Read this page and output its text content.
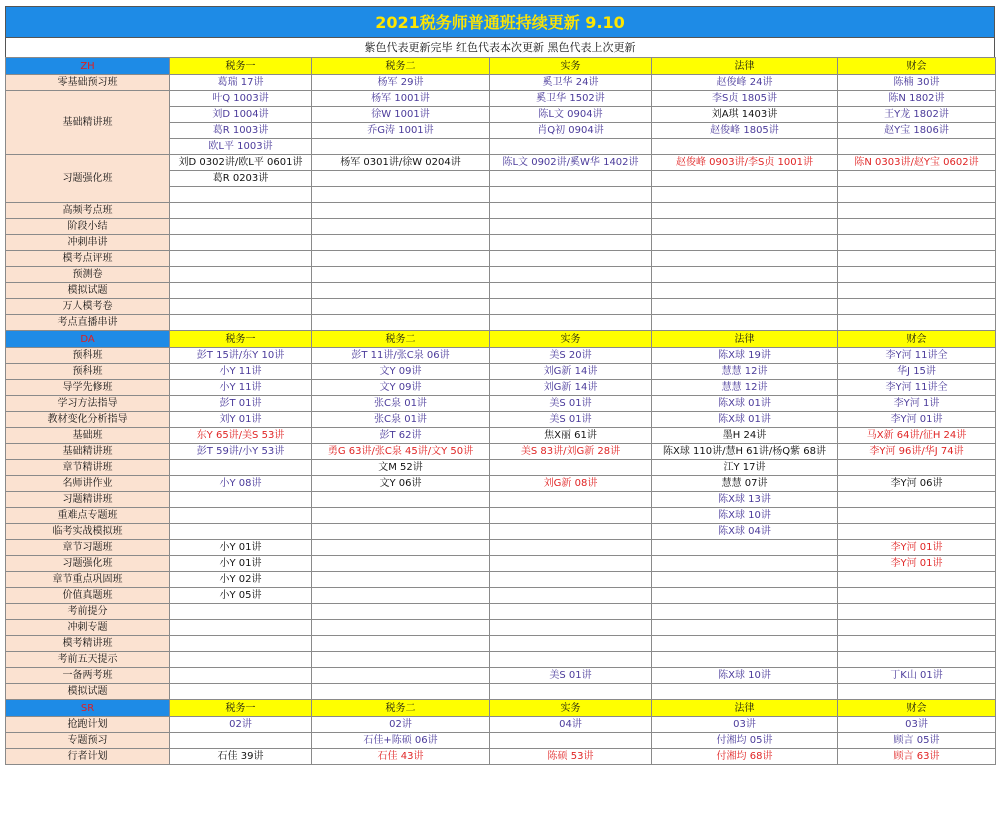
2021税务师普通班持续更新 9.10
紫色代表更新完毕 红色代表本次更新 黑色代表上次更新
ZH	税务一	税务二	实务	法律	财会
零基础预习班	葛瑞 17讲	杨军 29讲	奚卫华 24讲	赵俊峰 24讲	陈楠 30讲
基础精讲班	叶Q 1003讲	杨军 1001讲	奚卫华 1502讲	李S贞 1805讲	陈N 1802讲
	刘D 1004讲	徐W 1001讲	陈L文 0904讲	刘A琪 1403讲	王Y龙 1802讲
	葛R 1003讲	乔G涛 1001讲	肖Q初 0904讲	赵俊峰 1805讲	赵Y宝 1806讲
	欧L平 1003讲				
习题强化班	刘D 0302讲/欧L平 0601讲	杨军 0301讲/徐W 0204讲	陈L文 0902讲/奚W华 1402讲	赵俊峰 0903讲/李S贞 1001讲	陈N 0303讲/赵Y宝 0602讲
	葛R 0203讲				

高频考点班					
阶段小结					
冲刺串讲					
模考点评班					
预测卷					
模拟试题					
万人模考卷					
考点直播串讲					
DA	税务一	税务二	实务	法律	财会
预科班	彭T 15讲/东Y 10讲	彭T 11讲/张C泉 06讲	美S 20讲	陈X球 19讲	李Y河 11讲全
预科班	小Y 11讲	文Y 09讲	刘G新 14讲	慧慧 12讲	华J 15讲
导学先修班	小Y 11讲	文Y 09讲	刘G新 14讲	慧慧 12讲	李Y河 11讲全
学习方法指导	彭T 01讲	张C泉 01讲	美S 01讲	陈X球 01讲	李Y河 1讲
教材变化分析指导	刘Y 01讲	张C泉 01讲	美S 01讲	陈X球 01讲	李Y河 01讲
基础班	东Y 65讲/美S 53讲	彭T 62讲	焦X丽 61讲	墨H 24讲	马X新 64讲/征H 24讲
基础精讲班	彭T 59讲/小Y 53讲	勇G 63讲/张C泉 45讲/文Y 50讲	美S 83讲/刘G新 28讲	陈X球 110讲/慧H 61讲/杨Q紫 68讲	李Y河 96讲/华J 74讲
章节精讲班		文M 52讲		江Y 17讲	
名师讲作业	小Y 08讲	文Y 06讲	刘G新 08讲	慧慧 07讲	李Y河 06讲
习题精讲班				陈X球 13讲	
重难点专题班				陈X球 10讲	
临考实战模拟班				陈X球 04讲	
章节习题班	小Y 01讲				李Y河 01讲
习题强化班	小Y 01讲				李Y河 01讲
章节重点巩固班	小Y 02讲				
价值真题班	小Y 05讲				
考前提分					
冲刺专题					
模考精讲班					
考前五天提示					
一备两考班			美S 01讲	陈X球 10讲	丁K山 01讲
模拟试题					
SR	税务一	税务二	实务	法律	财会
抢跑计划	02讲	02讲	04讲	03讲	03讲
专题预习		石佳+陈硕 06讲		付湘均 05讲	顾言 05讲
行者计划	石佳 39讲	石佳 43讲	陈硕 53讲	付湘均 68讲	顾言 63讲
